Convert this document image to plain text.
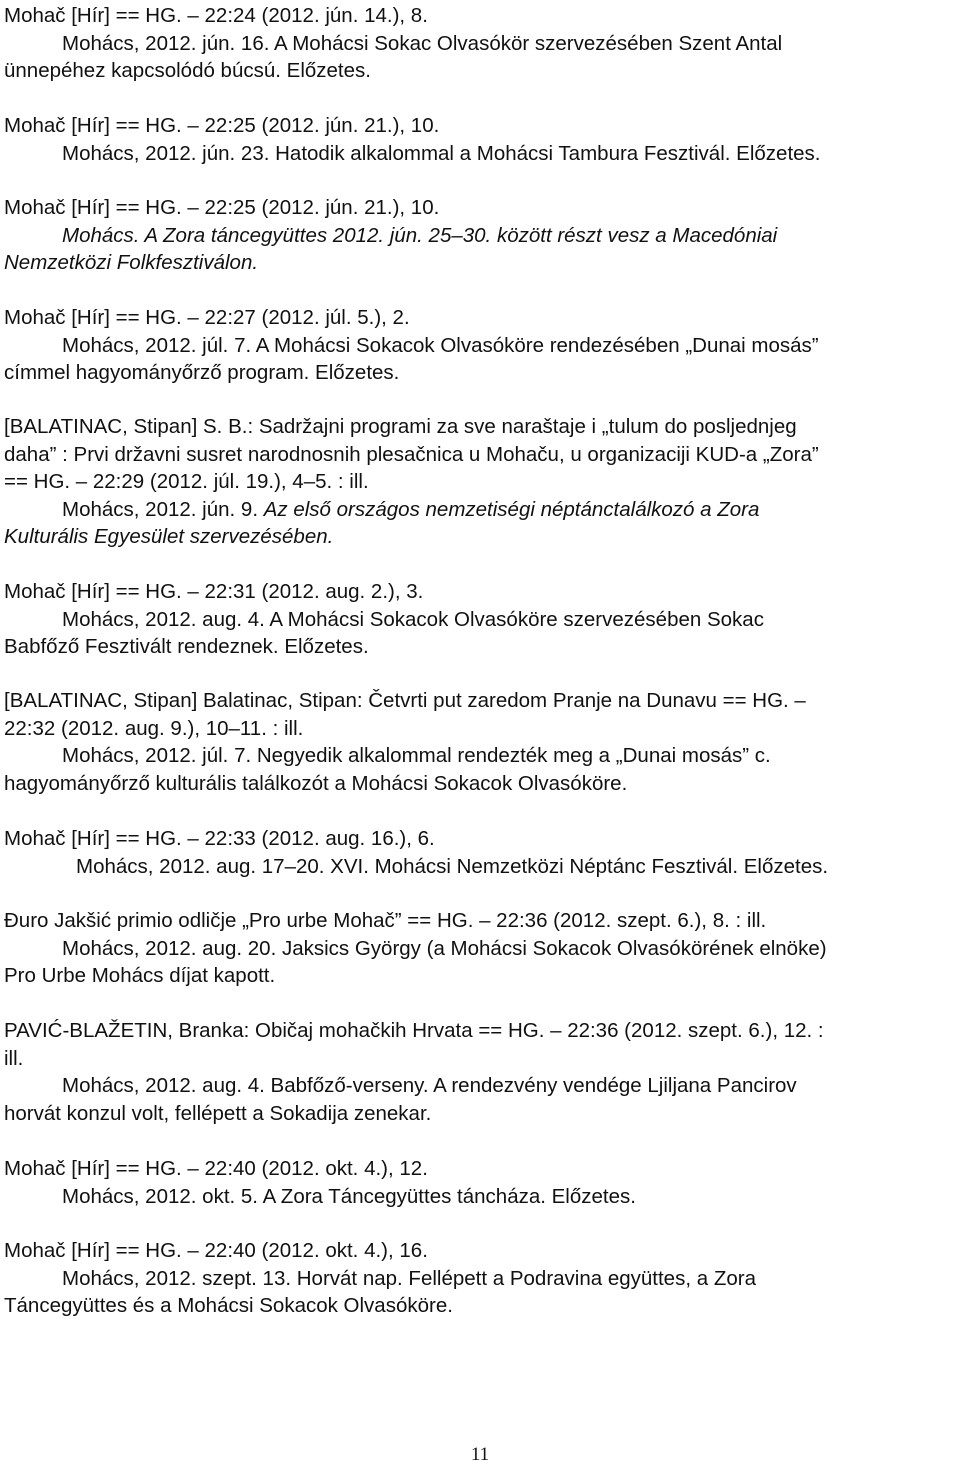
Mohač [Hír] == HG. – 22:24 (2012. jún. 14.), 8.
Mohács, 2012. jún. 16. A Mohácsi Sokac Olvasókör szervezésében Szent Antal
ünnepéhez kapcsolódó búcsú. Előzetes.
Mohač [Hír] == HG. – 22:25 (2012. jún. 21.), 10.
Mohács, 2012. jún. 23. Hatodik alkalommal a Mohácsi Tambura Fesztivál. Előzetes.
Mohač [Hír] == HG. – 22:25 (2012. jún. 21.), 10.
Mohács. A Zora táncegyüttes 2012. jún. 25–30. között részt vesz a Macedóniai
Nemzetközi Folkfesztiválon.
Mohač [Hír] == HG. – 22:27 (2012. júl. 5.), 2.
Mohács, 2012. júl. 7. A Mohácsi Sokacok Olvasóköre rendezésében „Dunai mosás”
címmel hagyományőrző program. Előzetes.
[BALATINAC, Stipan] S. B.: Sadržajni programi za sve naraštaje i „tulum do posljednjeg
daha” : Prvi državni susret narodnosnih plesačnica u Mohaču, u organizaciji KUD-a „Zora”
== HG. – 22:29 (2012. júl. 19.), 4–5. : ill.
Mohács, 2012. jún. 9. Az első országos nemzetiségi néptánctalálkozó a Zora
Kulturális Egyesület szervezésében.
Mohač [Hír] == HG. – 22:31 (2012. aug. 2.), 3.
Mohács, 2012. aug. 4. A Mohácsi Sokacok Olvasóköre szervezésében Sokac
Babfőző Fesztivált rendeznek. Előzetes.
[BALATINAC, Stipan] Balatinac, Stipan: Četvrti put zaredom Pranje na Dunavu == HG. –
22:32 (2012. aug. 9.), 10–11. : ill.
Mohács, 2012. júl. 7. Negyedik alkalommal rendezték meg a „Dunai mosás” c.
hagyományőrző kulturális találkozót a Mohácsi Sokacok Olvasóköre.
Mohač [Hír] == HG. – 22:33 (2012. aug. 16.), 6.
Mohács, 2012. aug. 17–20. XVI. Mohácsi Nemzetközi Néptánc Fesztivál. Előzetes.
Đuro Jakšić primio odličje „Pro urbe Mohač” == HG. – 22:36 (2012. szept. 6.), 8. : ill.
Mohács, 2012. aug. 20. Jaksics György (a Mohácsi Sokacok Olvasókörének elnöke)
Pro Urbe Mohács díjat kapott.
PAVIĆ-BLAŽETIN, Branka: Običaj mohačkih Hrvata == HG. – 22:36 (2012. szept. 6.), 12. :
ill.
Mohács, 2012. aug. 4. Babfőző-verseny. A rendezvény vendége Ljiljana Pancirov
horvát konzul volt, fellépett a Sokadija zenekar.
Mohač [Hír] == HG. – 22:40 (2012. okt. 4.), 12.
Mohács, 2012. okt. 5. A Zora Táncegyüttes táncháza. Előzetes.
Mohač [Hír] == HG. – 22:40 (2012. okt. 4.), 16.
Mohács, 2012. szept. 13. Horvát nap. Fellépett a Podravina együttes, a Zora
Táncegyüttes és a Mohácsi Sokacok Olvasóköre.
11
